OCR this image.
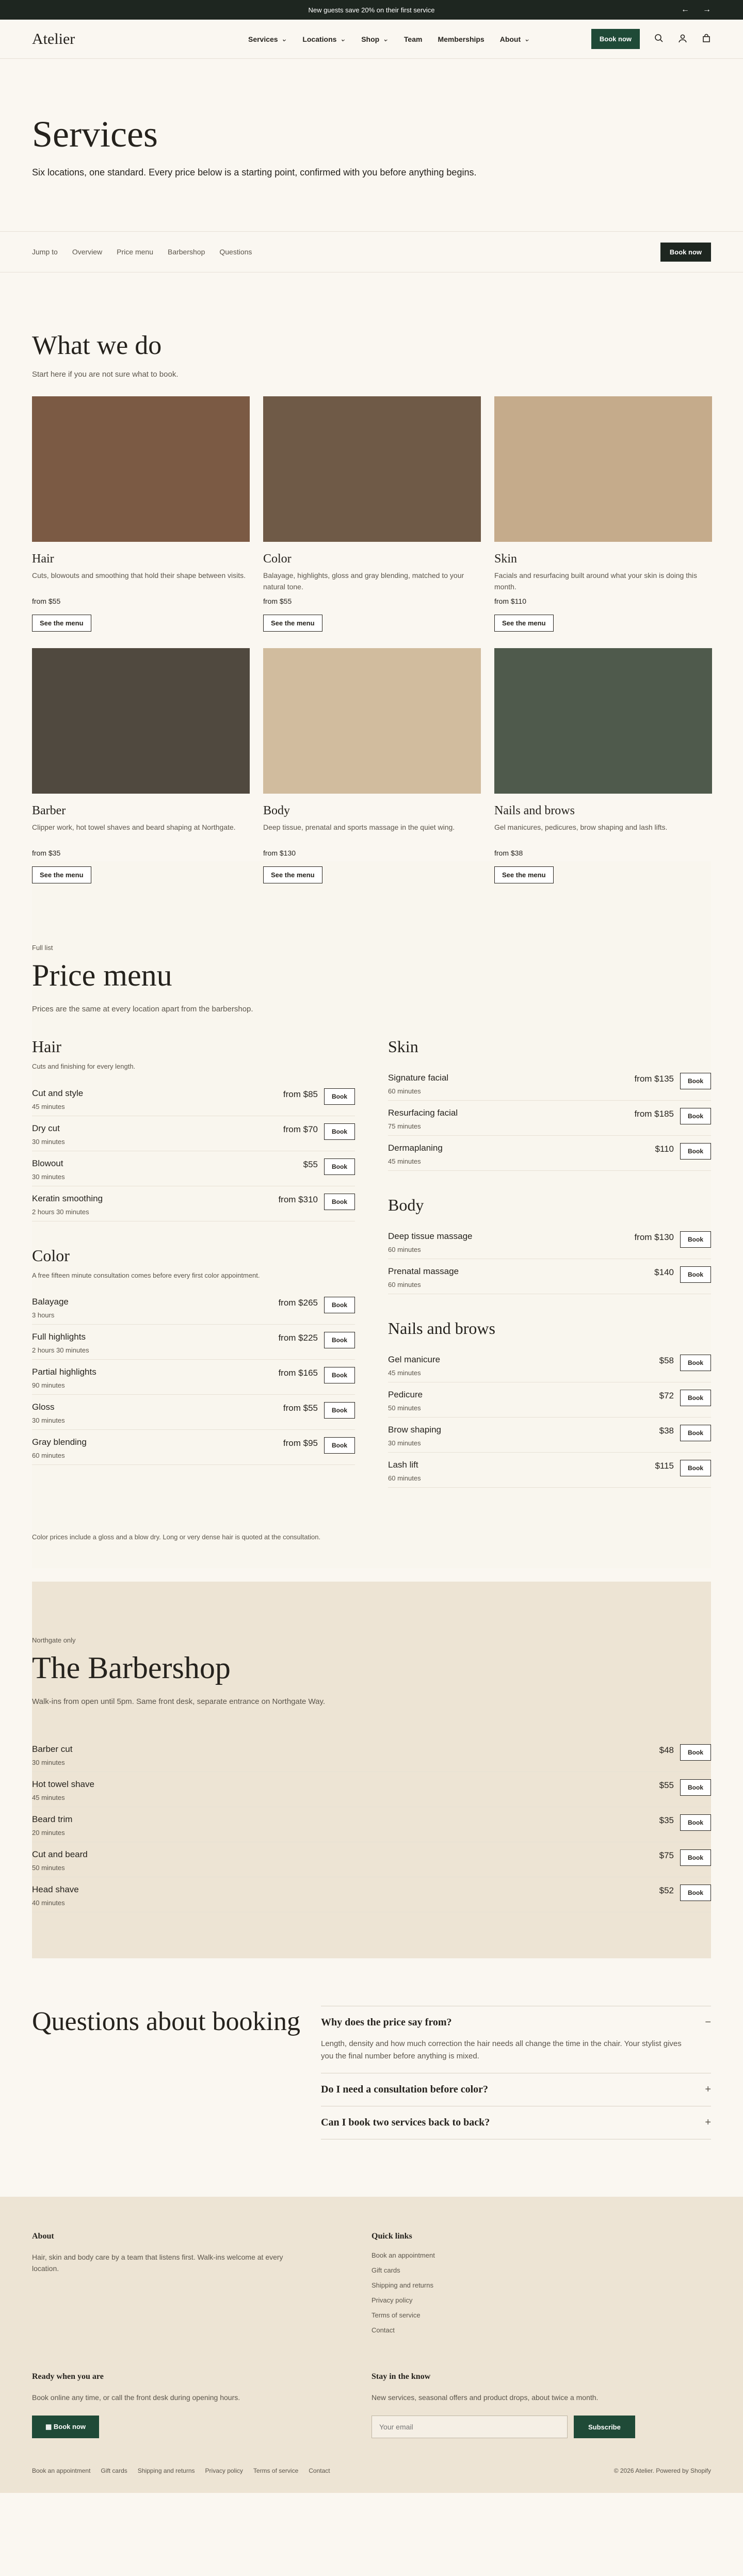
New guests save 20% on their first service	← →
Atelier	Services ⌄ Locations ⌄ Shop ⌄ Team Memberships About ⌄	Book now
Services

Six locations, one standard. Every price below is a starting point, confirmed with you before anything begins.

Jump to Overview Price menu Barbershop Questions	Book now
What we do
Start here if you are not sure what to book.
Hair
Cuts, blowouts and smoothing that hold their shape between visits.
from $55
See the menu
Color
Balayage, highlights, gloss and gray blending, matched to your natural tone.
from $55
See the menu
Skin
Facials and resurfacing built around what your skin is doing this month.
from $110
See the menu
Barber
Clipper work, hot towel shaves and beard shaping at Northgate.
from $35
See the menu
Body
Deep tissue, prenatal and sports massage in the quiet wing.
from $130
See the menu
Nails and brows
Gel manicures, pedicures, brow shaping and lash lifts.
from $38
See the menu
Full list
Price menu
Prices are the same at every location apart from the barbershop.
Hair
Cuts and finishing for every length.
Cut and style
45 minutes
from $85	Book
Dry cut
30 minutes
from $70	Book
Blowout
30 minutes
$55	Book
Keratin smoothing
2 hours 30 minutes
from $310	Book
Color
A free fifteen minute consultation comes before every first color appointment.
Balayage
3 hours
from $265	Book
Full highlights
2 hours 30 minutes
from $225	Book
Partial highlights
90 minutes
from $165	Book
Gloss
30 minutes
from $55	Book
Gray blending
60 minutes
from $95	Book
Skin
Signature facial
60 minutes
from $135	Book
Resurfacing facial
75 minutes
from $185	Book
Dermaplaning
45 minutes
$110	Book
Body
Deep tissue massage
60 minutes
from $130	Book
Prenatal massage
60 minutes
$140	Book
Nails and brows
Gel manicure
45 minutes
$58	Book
Pedicure
50 minutes
$72	Book
Brow shaping
30 minutes
$38	Book
Lash lift
60 minutes
$115	Book
Color prices include a gloss and a blow dry. Long or very dense hair is quoted at the consultation.
Northgate only
The Barbershop
Walk-ins from open until 5pm. Same front desk, separate entrance on Northgate Way.
Barber cut
30 minutes
$48	Book
Hot towel shave
45 minutes
$55	Book
Beard trim
20 minutes
$35	Book
Cut and beard
50 minutes
$75	Book
Head shave
40 minutes
$52	Book
Questions about booking Why does the price say from?
Length, density and how much correction the hair needs all change the time in the chair. Your stylist gives you the final number before anything is mixed.
−
Do I need a consultation before color?	+
Can I book two services back to back?	+
About
Hair, skin and body care by a team that listens first. Walk-ins welcome at every location.
Quick links
Book an appointment
Gift cards
Shipping and returns
Privacy policy
Terms of service
Contact
Ready when you are
Book online any time, or call the front desk during opening hours.
▦ Book now
Stay in the know
New services, seasonal offers and product drops, about twice a month.
Your email
Subscribe
Book an appointment Gift cards Shipping and returns Privacy policy Terms of service Contact	© 2026 Atelier. Powered by Shopify
